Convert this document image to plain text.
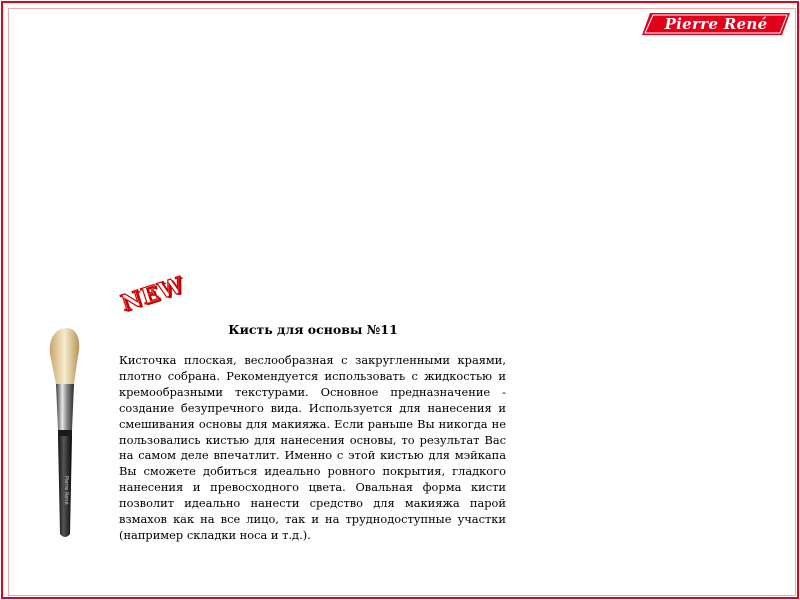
Pierre René
NEW
Pierre René
Кисть для основы №11

Кисточка плоская, веслообразная с закругленными краями, плотно собрана. Рекомендуется использовать с жидкостью и кремообразными текстурами. Основное предназначение - создание безупречного вида. Используется для нанесения и смешивания основы для макияжа. Если раньше Вы никогда не пользовались кистью для нанесения основы, то результат Вас на самом деле впечатлит. Именно с этой кистью для мэйкапа Вы сможете добиться идеально ровного покрытия, гладкого нанесения и превосходного цвета. Овальная форма кисти позволит идеально нанести средство для макияжа парой взмахов как на все лицо, так и на труднодоступные участки (например складки носа и т.д.).
